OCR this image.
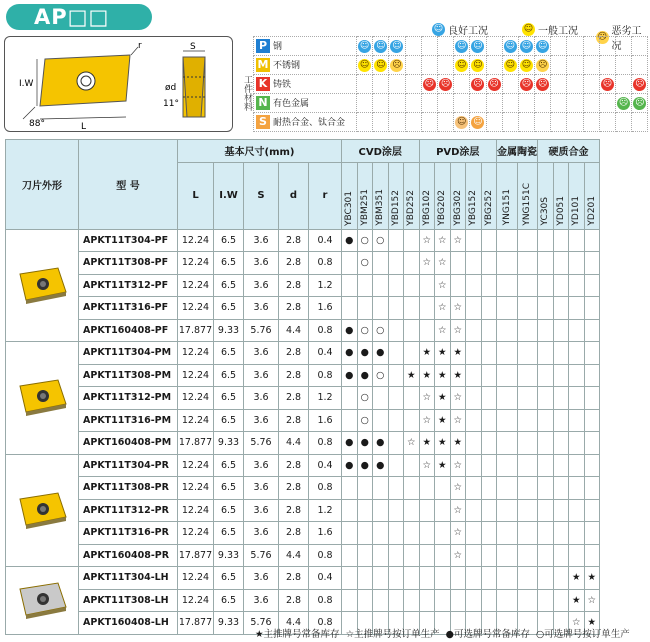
AP□□	☺ 良好工况	☺ 一般工况 ☹ 恶劣工况
I.W
L
88°
r	S
ød
11°	工件材料
P 钢	☺	☺	☺				☺	☺		☺	☺	☺						
M 不锈钢	☺	☺	☹				☺	☺		☺	☺	☹						
K 铸铁					☹	☹		☹	☹		☹	☹				☹		☹
N 有色金属																	☹	☹
S 耐热合金、钛合金							☺	☺										
刀片外形	型 号	基本尺寸(mm)					CVD涂层					PVD涂层					金属陶瓷		硬质合金			
							YBC301	YBM251	YBM351	YBD152	YBD252	YBG102	YBG202	YBG302	YBG152	YBG252	YNG151	YNG151C	YC30S	YD051	YD101	YD201
		L	I.W	S	d	r																
	APKT11T304-PF	12.24	6.5	3.6	2.8	0.4	●	○	○			☆	☆	☆								
	APKT11T308-PF	12.24	6.5	3.6	2.8	0.8		○				☆	☆									
	APKT11T312-PF	12.24	6.5	3.6	2.8	1.2							☆									
	APKT11T316-PF	12.24	6.5	3.6	2.8	1.6							☆	☆								
	APKT160408-PF	17.877	9.33	5.76	4.4	0.8	●	○	○				☆	☆								
	APKT11T304-PM	12.24	6.5	3.6	2.8	0.4	●	●	●			★	★	★								
	APKT11T308-PM	12.24	6.5	3.6	2.8	0.8	●	●	○		★	★	★	★								
	APKT11T312-PM	12.24	6.5	3.6	2.8	1.2		○				☆	★	☆								
	APKT11T316-PM	12.24	6.5	3.6	2.8	1.6		○				☆	★	☆								
	APKT160408-PM	17.877	9.33	5.76	4.4	0.8	●	●	●		☆	★	★	★								
	APKT11T304-PR	12.24	6.5	3.6	2.8	0.4	●	●	●			☆	★	☆								
	APKT11T308-PR	12.24	6.5	3.6	2.8	0.8								☆								
	APKT11T312-PR	12.24	6.5	3.6	2.8	1.2								☆								
	APKT11T316-PR	12.24	6.5	3.6	2.8	1.6								☆								
	APKT160408-PR	17.877	9.33	5.76	4.4	0.8								☆								
	APKT11T304-LH	12.24	6.5	3.6	2.8	0.4															★	★
	APKT11T308-LH	12.24	6.5	3.6	2.8	0.8															★	☆
	APKT160408-LH	17.877	9.33	5.76	4.4	0.8															☆	★
★主推牌号常备库存 ☆主推牌号按订单生产 ●可选牌号常备库存 ○可选牌号按订单生产
